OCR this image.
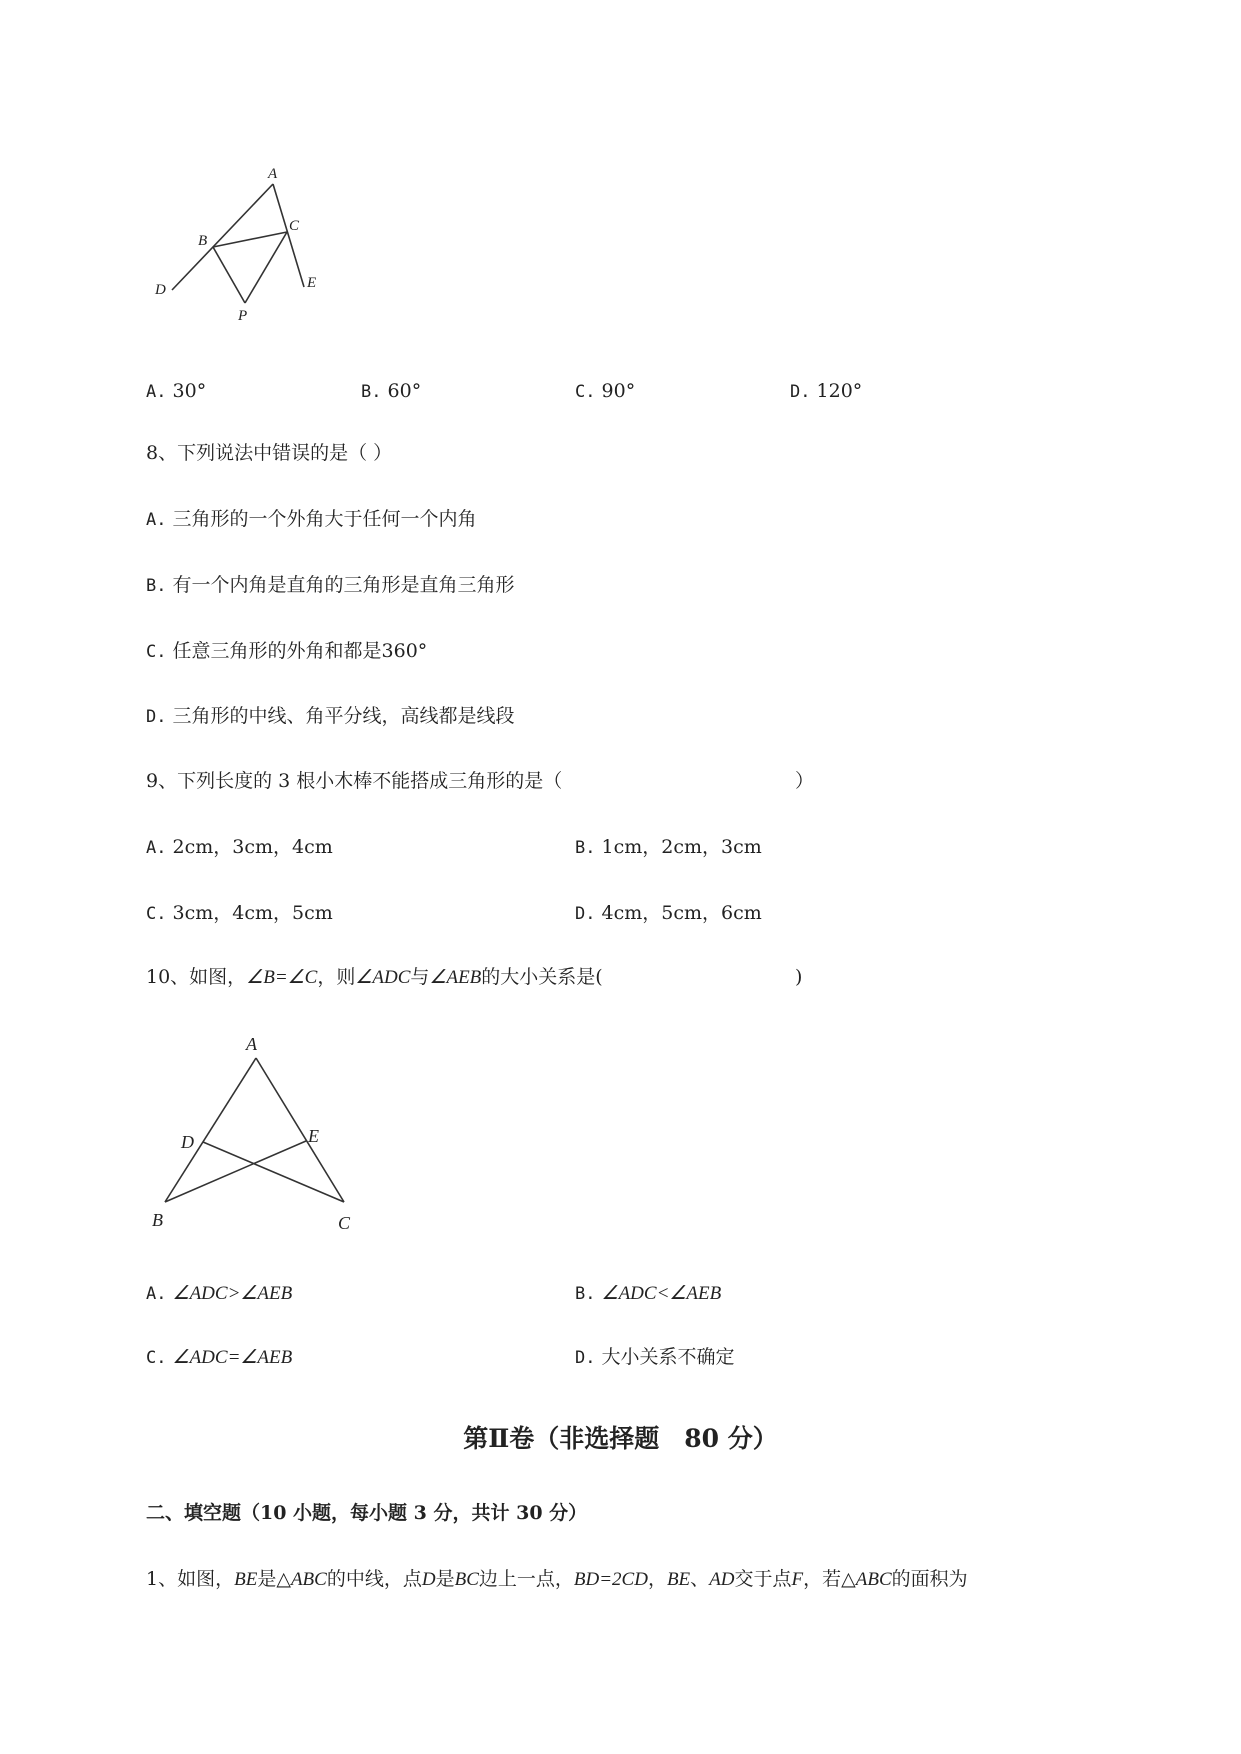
A
B
C
D	E
P
A. 30°	B. 60°	C. 90°	D. 120°
8、下列说法中错误的是（ ）
A. 三角形的一个外角大于任何一个内角
B. 有一个内角是直角的三角形是直角三角形
C. 任意三角形的外角和都是360°
D. 三角形的中线、角平分线，高线都是线段
9、下列长度的 3 根小木棒不能搭成三角形的是（	）
A. 2cm，3cm，4cm	B. 1cm，2cm，3cm
C. 3cm，4cm，5cm	D. 4cm，5cm，6cm
10、如图，∠B=∠C，则∠ADC与∠AEB的大小关系是(	)
A
B	C
D	E
A. ∠ADC>∠AEB	B. ∠ADC<∠AEB
C. ∠ADC=∠AEB	D. 大小关系不确定
第Ⅱ卷（非选择题　80 分）
二、填空题（10 小题，每小题 3 分，共计 30 分）
1、如图，BE是△ABC的中线，点D是BC边上一点，BD=2CD，BE、AD交于点F，若△ABC的面积为
